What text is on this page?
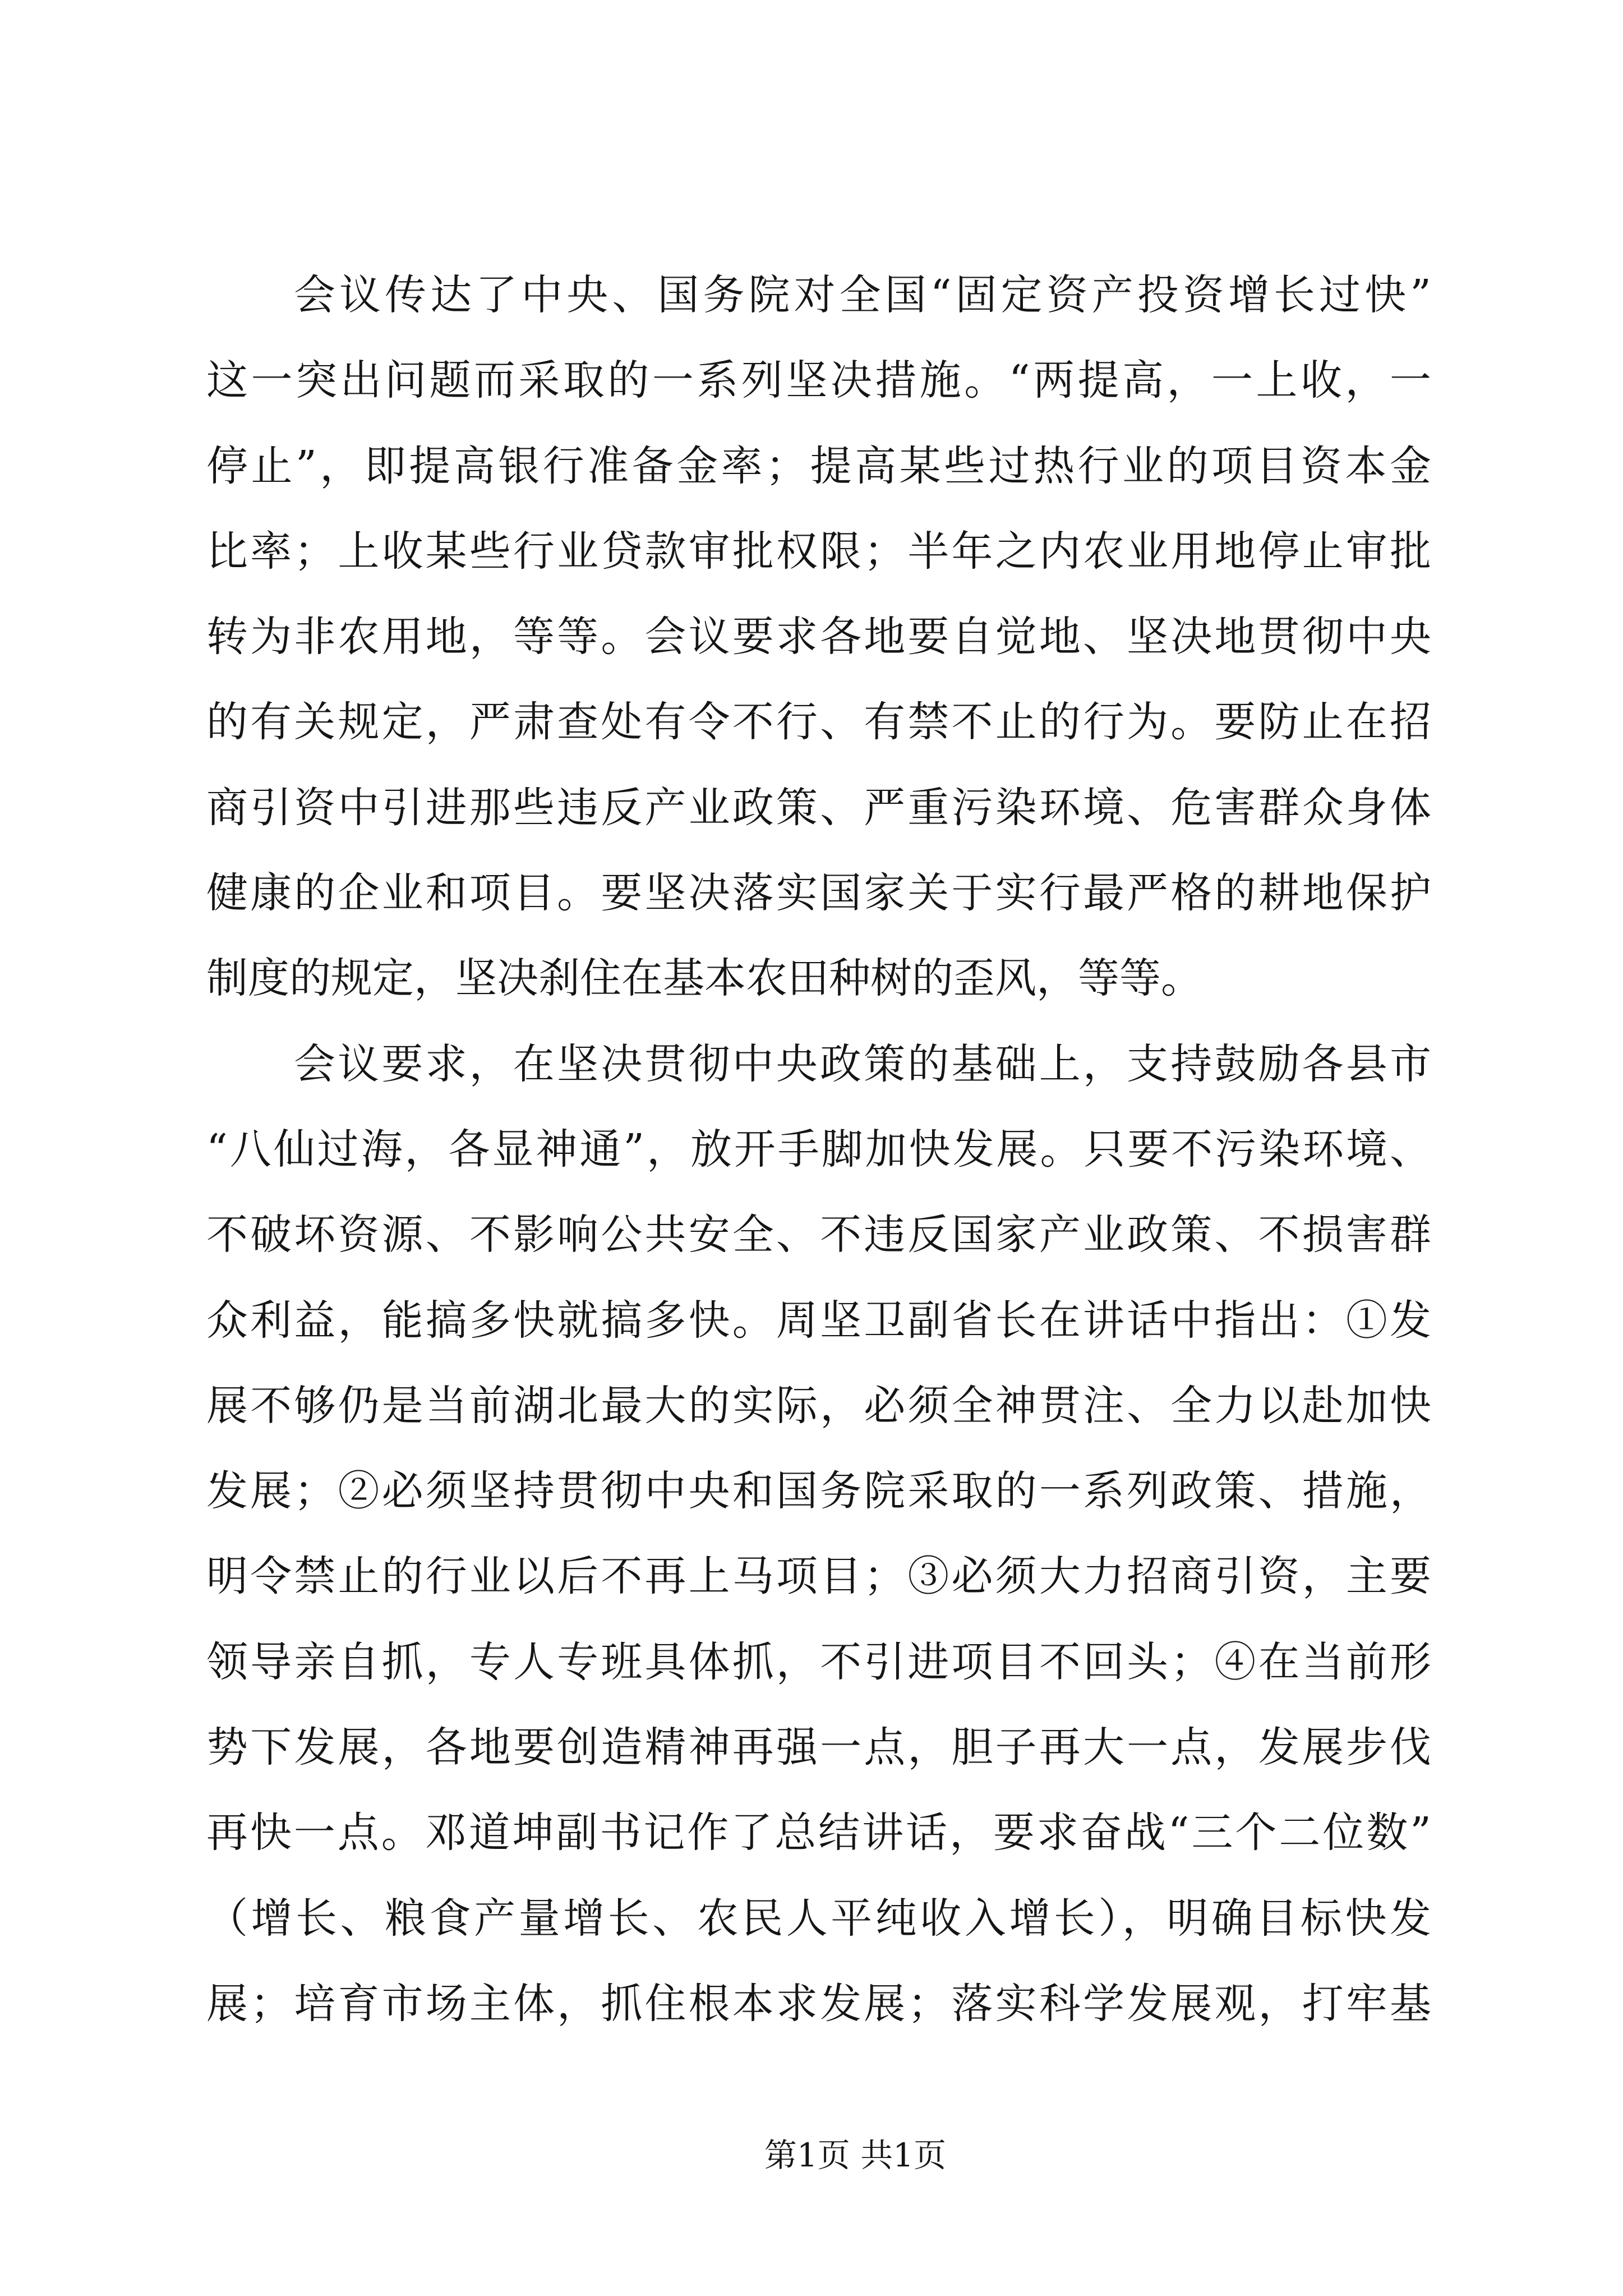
会议传达了中央、国务院对全国“固定资产投资增长过快”
这一突出问题而采取的一系列坚决措施。“两提高，一上收，一
停止”，即提高银行准备金率；提高某些过热行业的项目资本金
比率；上收某些行业贷款审批权限；半年之内农业用地停止审批
转为非农用地，等等。会议要求各地要自觉地、坚决地贯彻中央
的有关规定，严肃查处有令不行、有禁不止的行为。要防止在招
商引资中引进那些违反产业政策、严重污染环境、危害群众身体
健康的企业和项目。要坚决落实国家关于实行最严格的耕地保护
制度的规定，坚决刹住在基本农田种树的歪风，等等。
会议要求，在坚决贯彻中央政策的基础上，支持鼓励各县市
“八仙过海，各显神通”，放开手脚加快发展。只要不污染环境、
不破坏资源、不影响公共安全、不违反国家产业政策、不损害群
众利益，能搞多快就搞多快。周坚卫副省长在讲话中指出：①发
展不够仍是当前湖北最大的实际，必须全神贯注、全力以赴加快
发展；②必须坚持贯彻中央和国务院采取的一系列政策、措施，
明令禁止的行业以后不再上马项目；③必须大力招商引资，主要
领导亲自抓，专人专班具体抓，不引进项目不回头；④在当前形
势下发展，各地要创造精神再强一点，胆子再大一点，发展步伐
再快一点。邓道坤副书记作了总结讲话，要求奋战“三个二位数”
（增长、粮食产量增长、农民人平纯收入增长），明确目标快发
展；培育市场主体，抓住根本求发展；落实科学发展观，打牢基
第1页 共1页
